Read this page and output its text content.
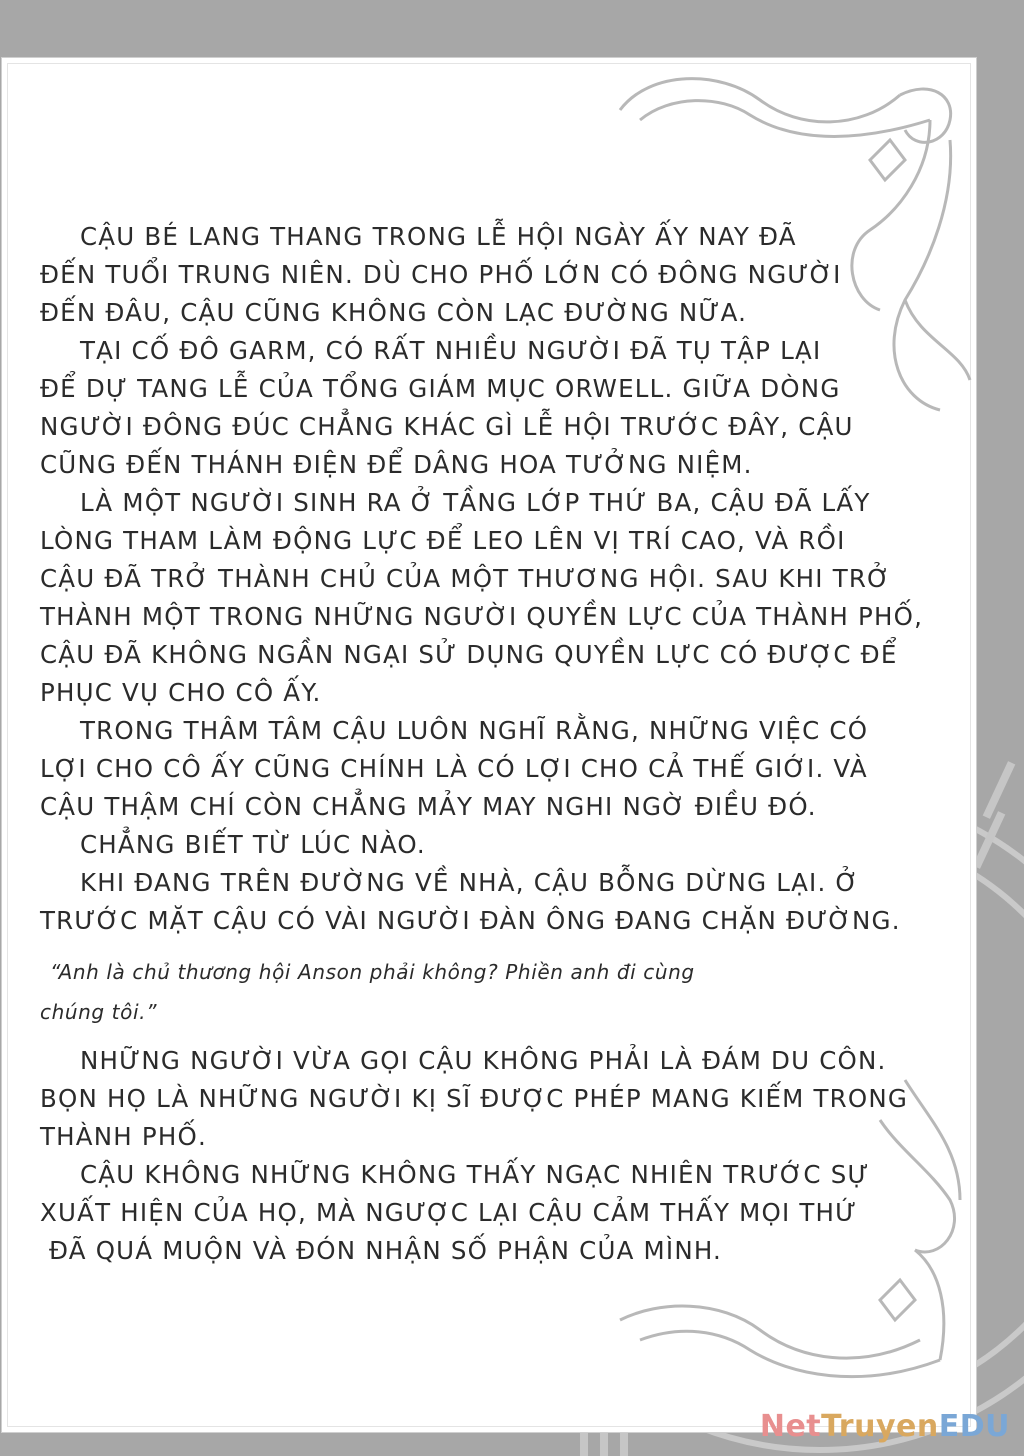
CẬU BÉ LANG THANG TRONG LỄ HỘI NGÀY ẤY NAY ĐÃ
ĐẾN TUỔI TRUNG NIÊN. DÙ CHO PHỐ LỚN CÓ ĐÔNG NGƯỜI
ĐẾN ĐÂU, CẬU CŨNG KHÔNG CÒN LẠC ĐƯỜNG NỮA.
TẠI CỐ ĐÔ GARM, CÓ RẤT NHIỀU NGƯỜI ĐÃ TỤ TẬP LẠI
ĐỂ DỰ TANG LỄ CỦA TỔNG GIÁM MỤC ORWELL. GIỮA DÒNG
NGƯỜI ĐÔNG ĐÚC CHẲNG KHÁC GÌ LỄ HỘI TRƯỚC ĐÂY, CẬU
CŨNG ĐẾN THÁNH ĐIỆN ĐỂ DÂNG HOA TƯỞNG NIỆM.
LÀ MỘT NGƯỜI SINH RA Ở TẦNG LỚP THỨ BA, CẬU ĐÃ LẤY
LÒNG THAM LÀM ĐỘNG LỰC ĐỂ LEO LÊN VỊ TRÍ CAO, VÀ RỒI
CẬU ĐÃ TRỞ THÀNH CHỦ CỦA MỘT THƯƠNG HỘI. SAU KHI TRỞ
THÀNH MỘT TRONG NHỮNG NGƯỜI QUYỀN LỰC CỦA THÀNH PHỐ,
CẬU ĐÃ KHÔNG NGẦN NGẠI SỬ DỤNG QUYỀN LỰC CÓ ĐƯỢC ĐỂ
PHỤC VỤ CHO CÔ ẤY.
TRONG THÂM TÂM CẬU LUÔN NGHĨ RẰNG, NHỮNG VIỆC CÓ
LỢI CHO CÔ ẤY CŨNG CHÍNH LÀ CÓ LỢI CHO CẢ THẾ GIỚI. VÀ
CẬU THẬM CHÍ CÒN CHẲNG MẢY MAY NGHI NGỜ ĐIỀU ĐÓ.
CHẲNG BIẾT TỪ LÚC NÀO.
KHI ĐANG TRÊN ĐƯỜNG VỀ NHÀ, CẬU BỖNG DỪNG LẠI. Ở
TRƯỚC MẶT CẬU CÓ VÀI NGƯỜI ĐÀN ÔNG ĐANG CHẶN ĐƯỜNG.
“Anh là chủ thương hội Anson phải không? Phiền anh đi cùng
chúng tôi.”
NHỮNG NGƯỜI VỪA GỌI CẬU KHÔNG PHẢI LÀ ĐÁM DU CÔN.
BỌN HỌ LÀ NHỮNG NGƯỜI KỊ SĨ ĐƯỢC PHÉP MANG KIẾM TRONG
THÀNH PHỐ.
CẬU KHÔNG NHỮNG KHÔNG THẤY NGẠC NHIÊN TRƯỚC SỰ
XUẤT HIỆN CỦA HỌ, MÀ NGƯỢC LẠI CẬU CẢM THẤY MỌI THỨ
ĐÃ QUÁ MUỘN VÀ ĐÓN NHẬN SỐ PHẬN CỦA MÌNH.
NetTruyenEDU
